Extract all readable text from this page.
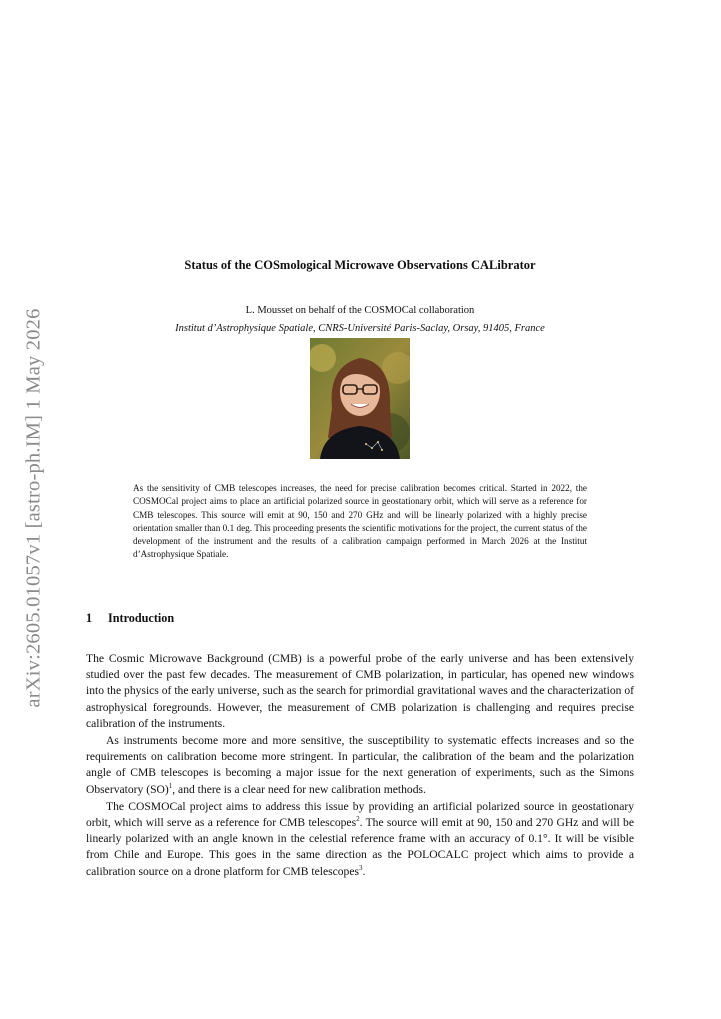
arXiv:2605.01057v1 [astro-ph.IM] 1 May 2026
Status of the COSmological Microwave Observations CALibrator
L. Mousset on behalf of the COSMOCal collaboration
Institut d’Astrophysique Spatiale, CNRS-Université Paris-Saclay, Orsay, 91405, France
As the sensitivity of CMB telescopes increases, the need for precise calibration becomes critical. Started in 2022, the COSMOCal project aims to place an artificial polarized source in geostationary orbit, which will serve as a reference for CMB telescopes. This source will emit at 90, 150 and 270 GHz and will be linearly polarized with a highly precise orientation smaller than 0.1 deg. This proceeding presents the scientific motivations for the project, the current status of the development of the instrument and the results of a calibration campaign performed in March 2026 at the Institut d’Astrophysique Spatiale.
1 Introduction

The Cosmic Microwave Background (CMB) is a powerful probe of the early universe and has been extensively studied over the past few decades. The measurement of CMB polarization, in particular, has opened new windows into the physics of the early universe, such as the search for primordial gravitational waves and the characterization of astrophysical foregrounds. However, the measurement of CMB polarization is challenging and requires precise calibration of the instruments.

As instruments become more and more sensitive, the susceptibility to systematic effects increases and so the requirements on calibration become more stringent. In particular, the calibration of the beam and the polarization angle of CMB telescopes is becoming a major issue for the next generation of experiments, such as the Simons Observatory (SO)$^1$, and there is a clear need for new calibration methods.

The COSMOCal project aims to address this issue by providing an artificial polarized source in geostationary orbit, which will serve as a reference for CMB telescopes$^2$. The source will emit at 90, 150 and 270 GHz and will be linearly polarized with an angle known in the celestial reference frame with an accuracy of 0.1°. It will be visible from Chile and Europe. This goes in the same direction as the POLOCALC project which aims to provide a calibration source on a drone platform for CMB telescopes$^3$.
